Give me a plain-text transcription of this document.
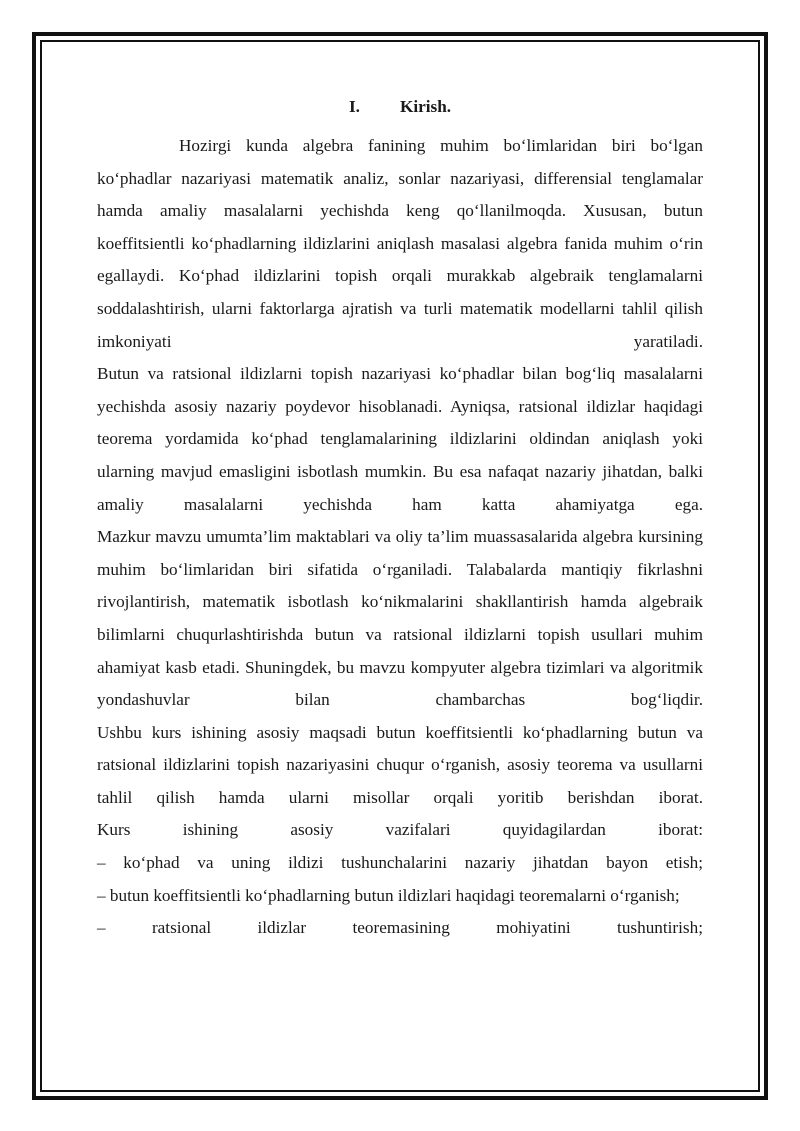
I. Kirish.

Hozirgi kunda algebra fanining muhim bo‘limlaridan biri bo‘lgan ko‘phadlar nazariyasi matematik analiz, sonlar nazariyasi, differensial tenglamalar hamda amaliy masalalarni yechishda keng qo‘llanilmoqda. Xususan, butun koeffitsientli ko‘phadlarning ildizlarini aniqlash masalasi algebra fanida muhim o‘rin egallaydi. Ko‘phad ildizlarini topish orqali murakkab algebraik tenglamalarni soddalashtirish, ularni faktorlarga ajratish va turli matematik modellarni tahlil qilish imkoniyati yaratiladi.

Butun va ratsional ildizlarni topish nazariyasi ko‘phadlar bilan bog‘liq masalalarni yechishda asosiy nazariy poydevor hisoblanadi. Ayniqsa, ratsional ildizlar haqidagi teorema yordamida ko‘phad tenglamalarining ildizlarini oldindan aniqlash yoki ularning mavjud emasligini isbotlash mumkin. Bu esa nafaqat nazariy jihatdan, balki amaliy masalalarni yechishda ham katta ahamiyatga ega.

Mazkur mavzu umumta’lim maktablari va oliy ta’lim muassasalarida algebra kursining muhim bo‘limlaridan biri sifatida o‘rganiladi. Talabalarda mantiqiy fikrlashni rivojlantirish, matematik isbotlash ko‘nikmalarini shakllantirish hamda algebraik bilimlarni chuqurlashtirishda butun va ratsional ildizlarni topish usullari muhim ahamiyat kasb etadi. Shuningdek, bu mavzu kompyuter algebra tizimlari va algoritmik yondashuvlar bilan chambarchas bog‘liqdir.

Ushbu kurs ishining asosiy maqsadi butun koeffitsientli ko‘phadlarning butun va ratsional ildizlarini topish nazariyasini chuqur o‘rganish, asosiy teorema va usullarni tahlil qilish hamda ularni misollar orqali yoritib berishdan iborat.

Kurs ishining asosiy vazifalari quyidagilardan iborat:

– ko‘phad va uning ildizi tushunchalarini nazariy jihatdan bayon etish;

– butun koeffitsientli ko‘phadlarning butun ildizlari haqidagi teoremalarni o‘rganish;

– ratsional ildizlar teoremasining mohiyatini tushuntirish;
